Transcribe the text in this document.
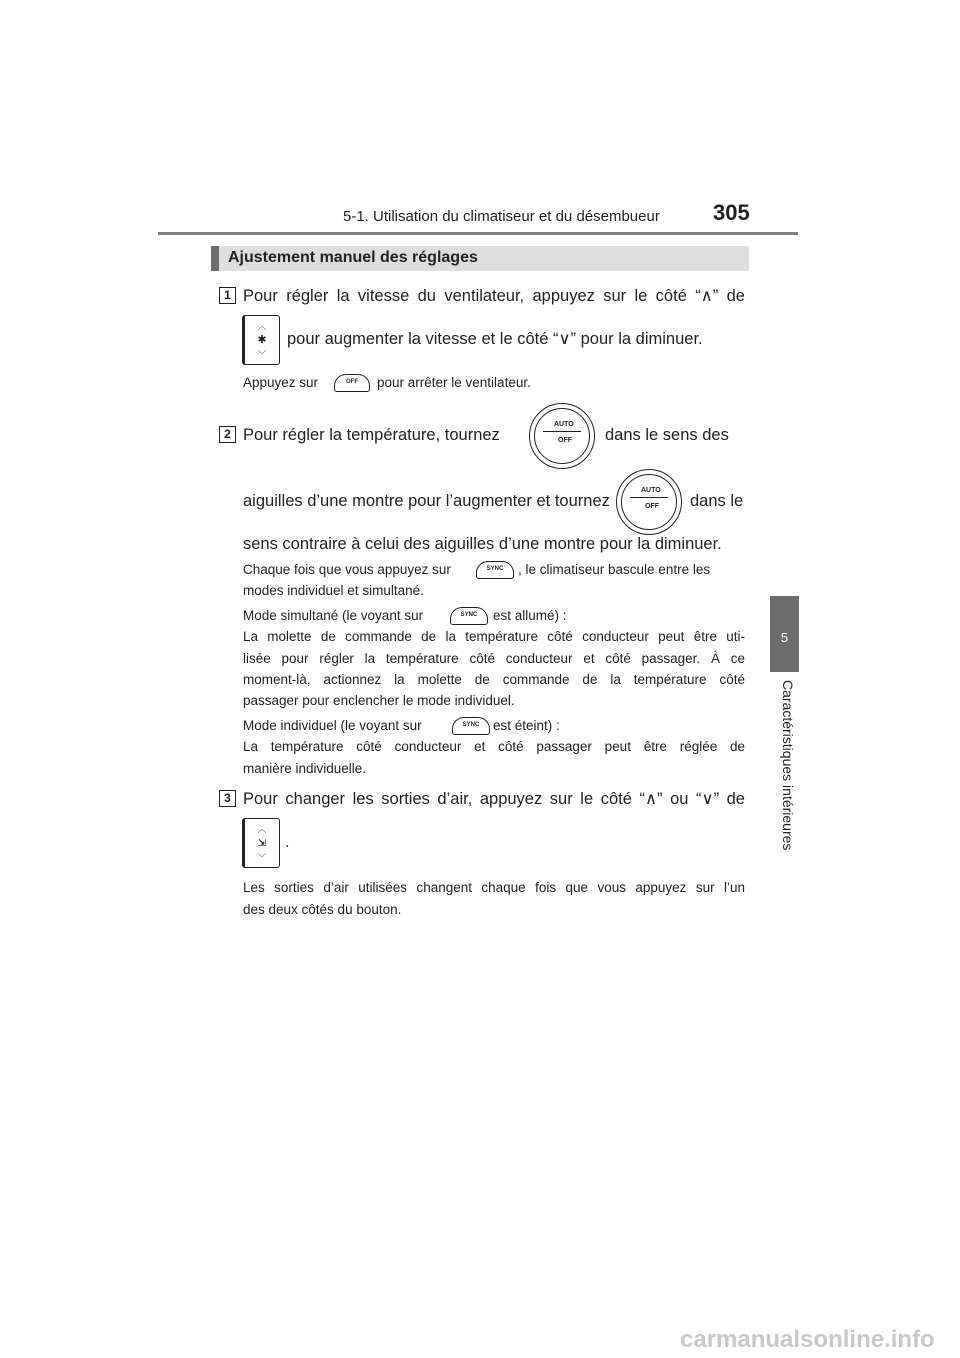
5-1. Utilisation du climatiseur et du désembueur 305
5
Caractéristiques intérieures
Ajustement manuel des réglages
1 Pour régler la vitesse du ventilateur, appuyez sur le côté “∧” de
︿
✱
﹀
pour augmenter la vitesse et le côté “∨” pour la diminuer.
Appuyez sur	OFF	pour arrêter le ventilateur.
2 Pour régler la température, tournez
AUTO
OFF dans le sens des
aiguilles d’une montre pour l’augmenter et tournez
AUTO
OFF dans le
sens contraire à celui des aiguilles d’une montre pour la diminuer.
Chaque fois que vous appuyez sur	SYNC	, le climatiseur bascule entre les
modes individuel et simultané.
Mode simultané (le voyant sur	SYNC	est allumé) :
La molette de commande de la température côté conducteur peut être uti-
lisée pour régler la température côté conducteur et côté passager. À ce
moment-là, actionnez la molette de commande de la température côté
passager pour enclencher le mode individuel.
Mode individuel (le voyant sur	SYNC	est éteint) :
La température côté conducteur et côté passager peut être réglée de
manière individuelle.
3 Pour changer les sorties d’air, appuyez sur le côté “∧” ou “∨” de
︿
⇲
﹀
.
Les sorties d’air utilisées changent chaque fois que vous appuyez sur l’un
des deux côtés du bouton.
carmanualsonline.info
